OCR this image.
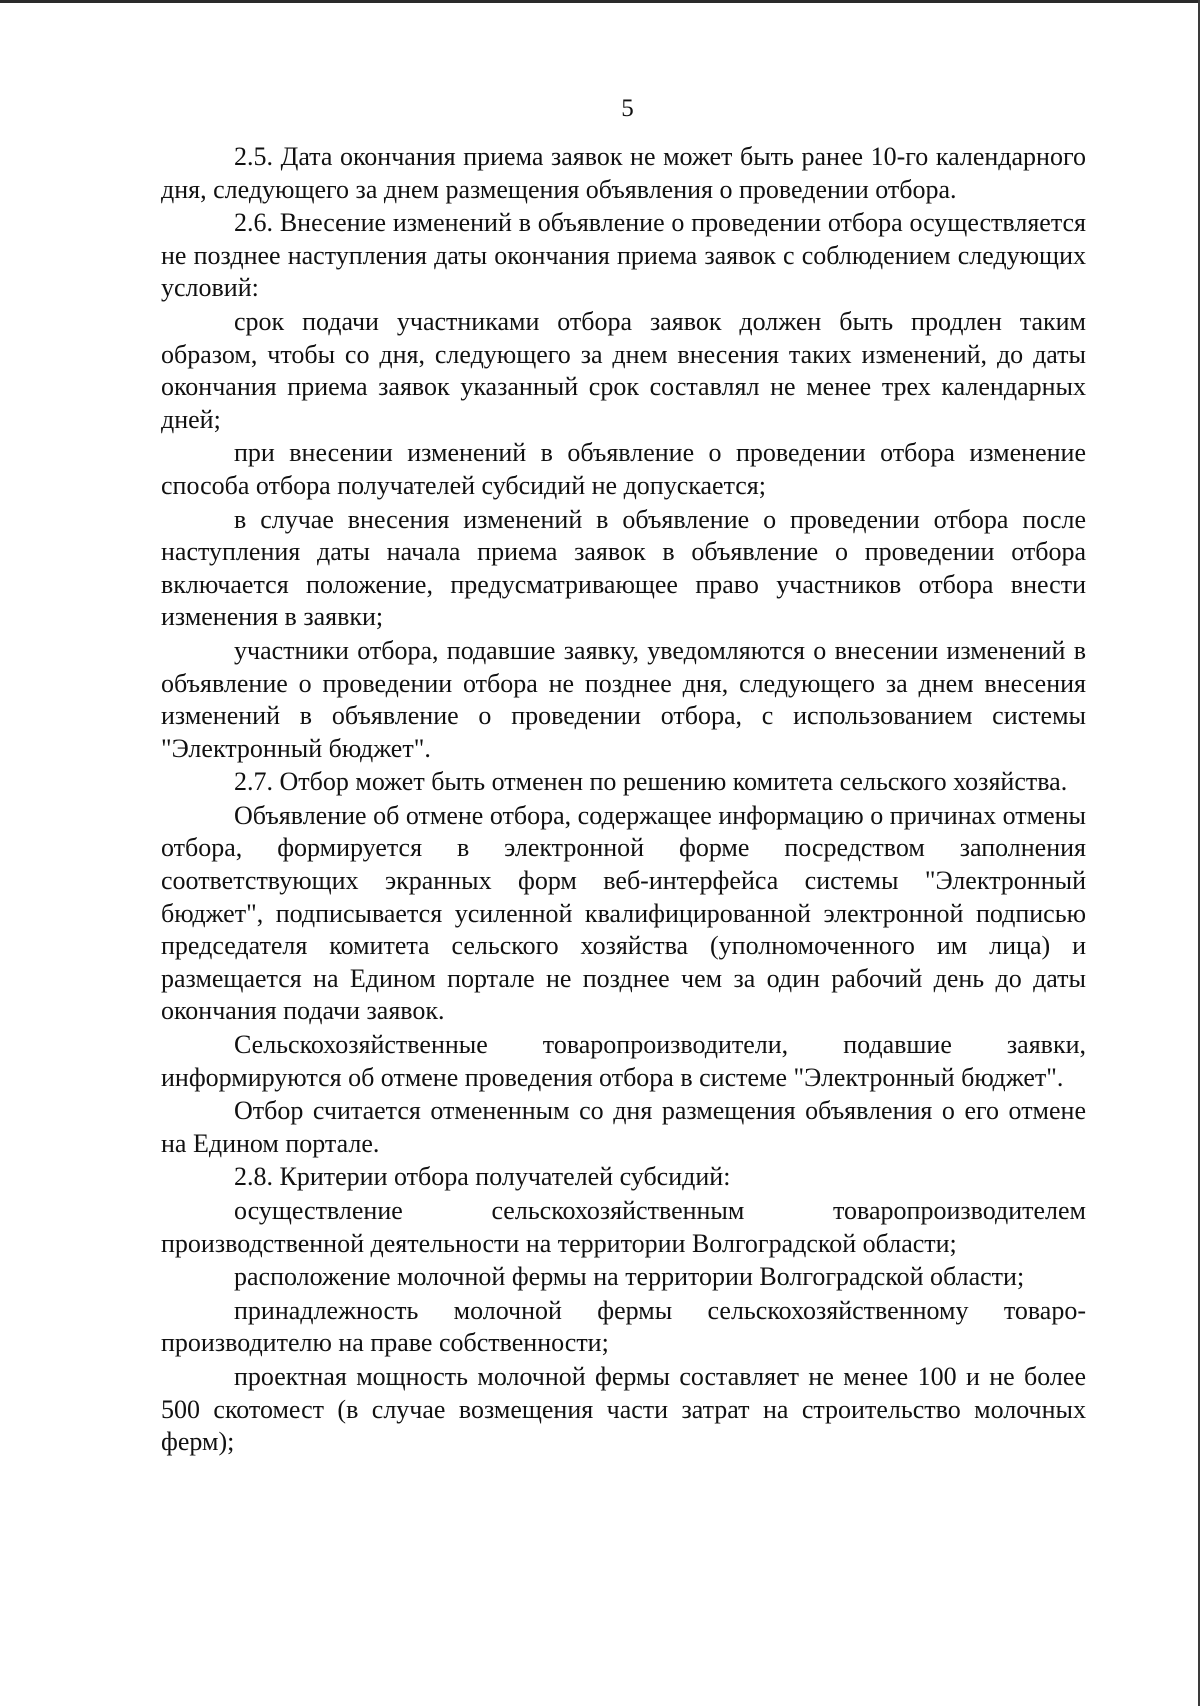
5

2.5. Дата окончания приема заявок не может быть ранее 10-го календарного дня, следующего за днем размещения объявления о проведении отбора.

2.6. Внесение изменений в объявление о проведении отбора осуществляется не позднее наступления даты окончания приема заявок с соблюдением следующих условий:

срок подачи участниками отбора заявок должен быть продлен таким образом, чтобы со дня, следующего за днем внесения таких изменений, до даты окончания приема заявок указанный срок составлял не менее трех календарных дней;

при внесении изменений в объявление о проведении отбора изменение способа отбора получателей субсидий не допускается;

в случае внесения изменений в объявление о проведении отбора после наступления даты начала приема заявок в объявление о проведении отбора включается положение, предусматривающее право участников отбора внести изменения в заявки;

участники отбора, подавшие заявку, уведомляются о внесении изменений в объявление о проведении отбора не позднее дня, следующего за днем внесения изменений в объявление о проведении отбора, с использованием системы "Электронный бюджет".

2.7. Отбор может быть отменен по решению комитета сельского хозяйства.

Объявление об отмене отбора, содержащее информацию о причинах отмены отбора, формируется в электронной форме посредством заполнения соответствующих экранных форм веб-интерфейса системы "Электронный бюджет", подписывается усиленной квалифицированной электронной подписью председателя комитета сельского хозяйства (уполномоченного им лица) и размещается на Едином портале не позднее чем за один рабочий день до даты окончания подачи заявок.

Сельскохозяйственные товаропроизводители, подавшие заявки, информируются об отмене проведения отбора в системе "Электронный бюджет".

Отбор считается отмененным со дня размещения объявления о его отмене на Едином портале.

2.8. Критерии отбора получателей субсидий:

осуществление сельскохозяйственным товаропроизводителем производственной деятельности на территории Волгоградской области;

расположение молочной фермы на территории Волгоградской области;

принадлежность молочной фермы сельскохозяйственному товаропроизводителю на праве собственности;

проектная мощность молочной фермы составляет не менее 100 и не более 500 скотомест (в случае возмещения части затрат на строительство молочных ферм);
